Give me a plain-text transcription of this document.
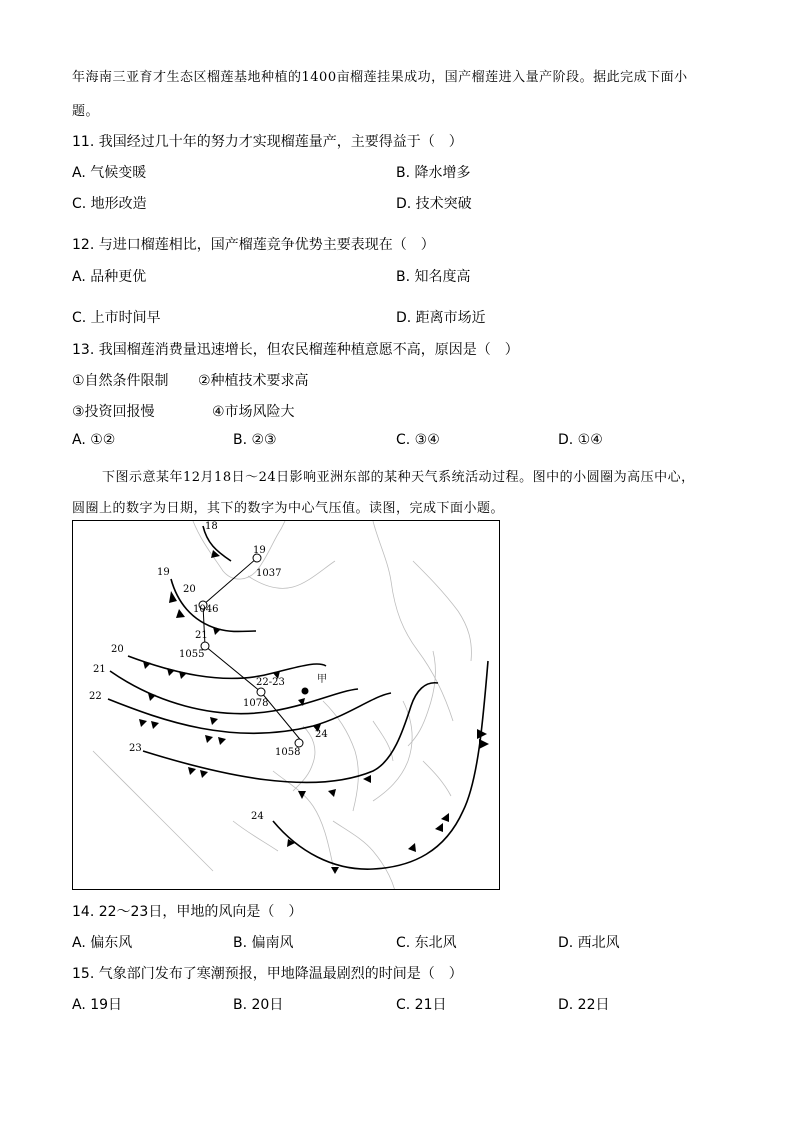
年海南三亚育才生态区榴莲基地种植的1400亩榴莲挂果成功，国产榴莲进入量产阶段。据此完成下面小
题。
11. 我国经过几十年的努力才实现榴莲量产，主要得益于（　）
A. 气候变暖	B. 降水增多
C. 地形改造	D. 技术突破
12. 与进口榴莲相比，国产榴莲竞争优势主要表现在（　）
A. 品种更优	B. 知名度高
C. 上市时间早	D. 距离市场近
13. 我国榴莲消费量迅速增长，但农民榴莲种植意愿不高，原因是（　）
①自然条件限制 ②种植技术要求高
③投资回报慢	④市场风险大
A. ①②	B. ②③	C. ③④	D. ①④
下图示意某年12月18日～24日影响亚洲东部的某种天气系统活动过程。图中的小圆圈为高压中心，
圆圈上的数字为日期，其下的数字为中心气压值。读图，完成下面小题。
18
19
20
21
22
23
24
19
1037
20
1046
21
1055
22-23
1078
24
1058
甲
14. 22～23日，甲地的风向是（　）
A. 偏东风	B. 偏南风	C. 东北风	D. 西北风
15. 气象部门发布了寒潮预报，甲地降温最剧烈的时间是（　）
A. 19日	B. 20日	C. 21日	D. 22日
